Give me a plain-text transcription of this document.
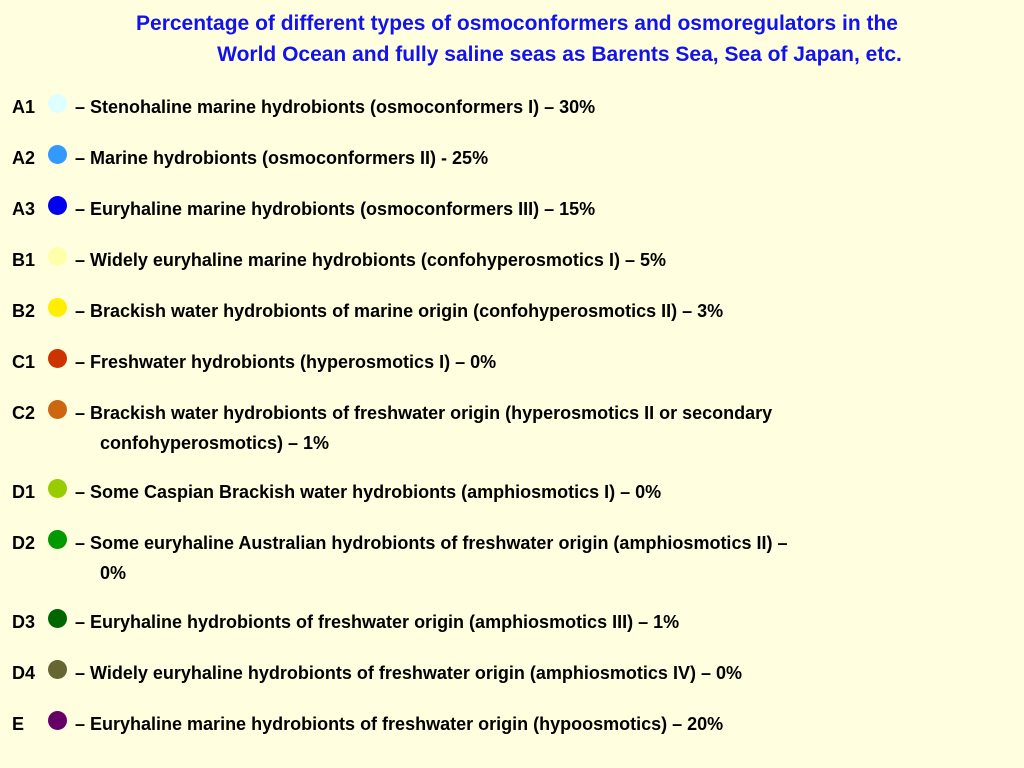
Percentage of different types of osmoconformers and osmoregulators in the
World Ocean and fully saline seas as Barents Sea, Sea of Japan, etc.
A1 – Stenohaline marine hydrobionts (osmoconformers I) – 30%
A2 – Marine hydrobionts (osmoconformers II) - 25%
A3 – Euryhaline marine hydrobionts (osmoconformers III) – 15%
B1 – Widely euryhaline marine hydrobionts (confohyperosmotics I) – 5%
B2 – Brackish water hydrobionts of marine origin (confohyperosmotics II) – 3%
C1 – Freshwater hydrobionts (hyperosmotics I) – 0%
C2 – Brackish water hydrobionts of freshwater origin (hyperosmotics II or secondary
confohyperosmotics) – 1%
D1 – Some Caspian Brackish water hydrobionts (amphiosmotics I) – 0%
D2 – Some euryhaline Australian hydrobionts of freshwater origin (amphiosmotics II) –
0%
D3 – Euryhaline hydrobionts of freshwater origin (amphiosmotics III) – 1%
D4 – Widely euryhaline hydrobionts of freshwater origin (amphiosmotics IV) – 0%
E	– Euryhaline marine hydrobionts of freshwater origin (hypoosmotics) – 20%
